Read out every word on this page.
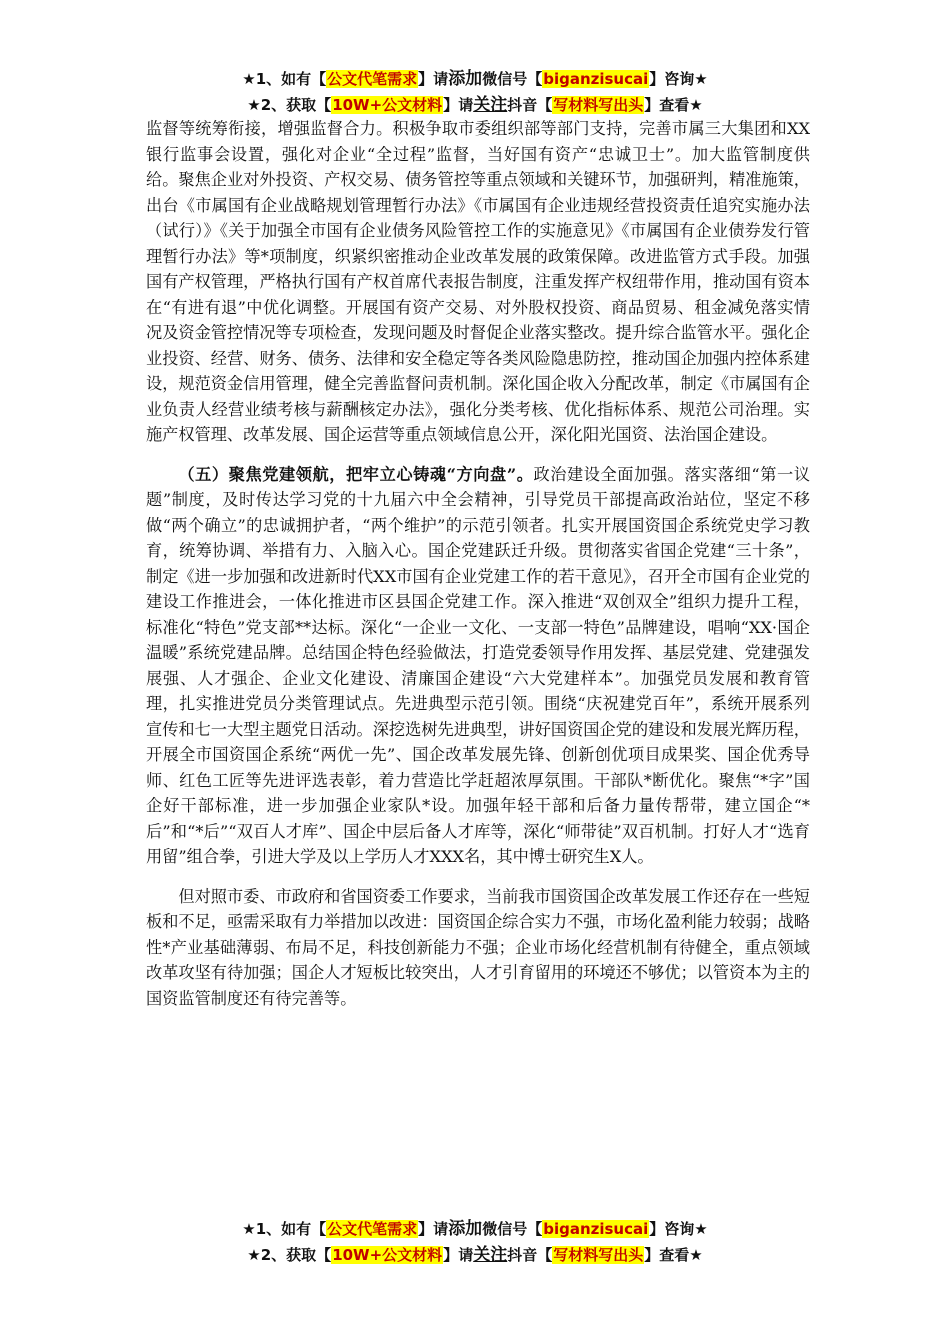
★1、如有【公文代笔需求】请添加微信号【biganzisucai】咨询★
★2、获取【10W+公文材料】请关注抖音【写材料写出头】查看★

监督等统筹衔接，增强监督合力。积极争取市委组织部等部门支持，完善市属三大集团和XX银行监事会设置，强化对企业“全过程”监督，当好国有资产“忠诚卫士”。加大监管制度供给。聚焦企业对外投资、产权交易、债务管控等重点领域和关键环节，加强研判，精准施策，出台《市属国有企业战略规划管理暂行办法》《市属国有企业违规经营投资责任追究实施办法（试行）》《关于加强全市国有企业债务风险管控工作的实施意见》《市属国有企业债券发行管理暂行办法》等*项制度，织紧织密推动企业改革发展的政策保障。改进监管方式手段。加强国有产权管理，严格执行国有产权首席代表报告制度，注重发挥产权纽带作用，推动国有资本在“有进有退”中优化调整。开展国有资产交易、对外股权投资、商品贸易、租金减免落实情况及资金管控情况等专项检查，发现问题及时督促企业落实整改。提升综合监管水平。强化企业投资、经营、财务、债务、法律和安全稳定等各类风险隐患防控，推动国企加强内控体系建设，规范资金信用管理，健全完善监督问责机制。深化国企收入分配改革，制定《市属国有企业负责人经营业绩考核与薪酬核定办法》，强化分类考核、优化指标体系、规范公司治理。实施产权管理、改革发展、国企运营等重点领域信息公开，深化阳光国资、法治国企建设。

（五）聚焦党建领航，把牢立心铸魂“方向盘”。政治建设全面加强。落实落细“第一议题”制度，及时传达学习党的十九届六中全会精神，引导党员干部提高政治站位，坚定不移做“两个确立”的忠诚拥护者，“两个维护”的示范引领者。扎实开展国资国企系统党史学习教育，统筹协调、举措有力、入脑入心。国企党建跃迁升级。贯彻落实省国企党建“三十条”，制定《进一步加强和改进新时代XX市国有企业党建工作的若干意见》，召开全市国有企业党的建设工作推进会，一体化推进市区县国企党建工作。深入推进“双创双全”组织力提升工程，标准化“特色”党支部**达标。深化“一企业一文化、一支部一特色”品牌建设，唱响“XX·国企温暖”系统党建品牌。总结国企特色经验做法，打造党委领导作用发挥、基层党建、党建强发展强、人才强企、企业文化建设、清廉国企建设“六大党建样本”。加强党员发展和教育管理，扎实推进党员分类管理试点。先进典型示范引领。围绕“庆祝建党百年”，系统开展系列宣传和七一大型主题党日活动。深挖选树先进典型，讲好国资国企党的建设和发展光辉历程，开展全市国资国企系统“两优一先”、国企改革发展先锋、创新创优项目成果奖、国企优秀导师、红色工匠等先进评选表彰，着力营造比学赶超浓厚氛围。干部队*断优化。聚焦“*字”国企好干部标准，进一步加强企业家队*设。加强年轻干部和后备力量传帮带，建立国企“*后”和“*后”“双百人才库”、国企中层后备人才库等，深化“师带徒”双百机制。打好人才“选育用留”组合拳，引进大学及以上学历人才XXX名，其中博士研究生X人。

但对照市委、市政府和省国资委工作要求，当前我市国资国企改革发展工作还存在一些短板和不足，亟需采取有力举措加以改进：国资国企综合实力不强，市场化盈利能力较弱；战略性*产业基础薄弱、布局不足，科技创新能力不强；企业市场化经营机制有待健全，重点领域改革攻坚有待加强；国企人才短板比较突出，人才引育留用的环境还不够优；以管资本为主的国资监管制度还有待完善等。

★1、如有【公文代笔需求】请添加微信号【biganzisucai】咨询★
★2、获取【10W+公文材料】请关注抖音【写材料写出头】查看★
